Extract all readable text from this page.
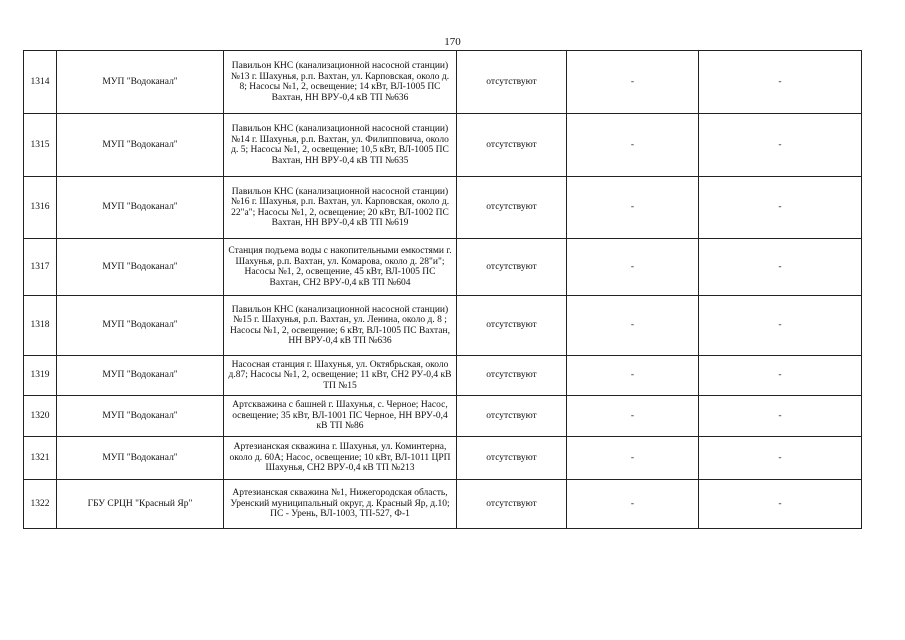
170
1314	МУП "Водоканал"	Павильон КНС (канализационной насосной станции) №13 г. Шахунья, р.п. Вахтан, ул. Карповская, около д. 8; Насосы №1, 2, освещение; 14 кВт, ВЛ-1005 ПС Вахтан, НН ВРУ-0,4 кВ ТП №636	отсутствуют	-	-
1315	МУП "Водоканал"	Павильон КНС (канализационной насосной станции) №14 г. Шахунья, р.п. Вахтан, ул. Филипповича, около д. 5; Насосы №1, 2, освещение; 10,5 кВт, ВЛ-1005 ПС Вахтан, НН ВРУ-0,4 кВ ТП №635	отсутствуют	-	-
1316	МУП "Водоканал"	Павильон КНС (канализационной насосной станции) №16 г. Шахунья, р.п. Вахтан, ул. Карповская, около д. 22"а"; Насосы №1, 2, освещение; 20 кВт, ВЛ-1002 ПС Вахтан, НН ВРУ-0,4 кВ ТП №619	отсутствуют	-	-
1317	МУП "Водоканал"	Станция подъема воды с накопительными емкостями г. Шахунья, р.п. Вахтан, ул. Комарова, около д. 28"и"; Насосы №1, 2, освещение, 45 кВт, ВЛ-1005 ПС Вахтан, СН2 ВРУ-0,4 кВ ТП №604	отсутствуют	-	-
1318	МУП "Водоканал"	Павильон КНС (канализационной насосной станции) №15 г. Шахунья, р.п. Вахтан, ул. Ленина, около д. 8 ; Насосы №1, 2, освещение; 6 кВт, ВЛ-1005 ПС Вахтан, НН ВРУ-0,4 кВ ТП №636	отсутствуют	-	-
1319	МУП "Водоканал"	Насосная станция г. Шахунья, ул. Октябрьская, около д.87; Насосы №1, 2, освещение; 11 кВт, СН2 РУ-0,4 кВ ТП №15	отсутствуют	-	-
1320	МУП "Водоканал"	Артскважина с башней г. Шахунья, с. Черное; Насос, освещение; 35 кВт, ВЛ-1001 ПС Черное, НН ВРУ-0,4 кВ ТП №86	отсутствуют	-	-
1321	МУП "Водоканал"	Артезианская скважина г. Шахунья, ул. Коминтерна, около д. 60А; Насос, освещение; 10 кВт, ВЛ-1011 ЦРП Шахунья, СН2 ВРУ-0,4 кВ ТП №213	отсутствуют	-	-
1322	ГБУ СРЦН "Красный Яр"	Артезианская скважина №1, Нижегородская область, Уренский муниципальный округ, д. Красный Яр, д.10; ПС - Урень, ВЛ-1003, ТП-527, Ф-1	отсутствуют	-	-
